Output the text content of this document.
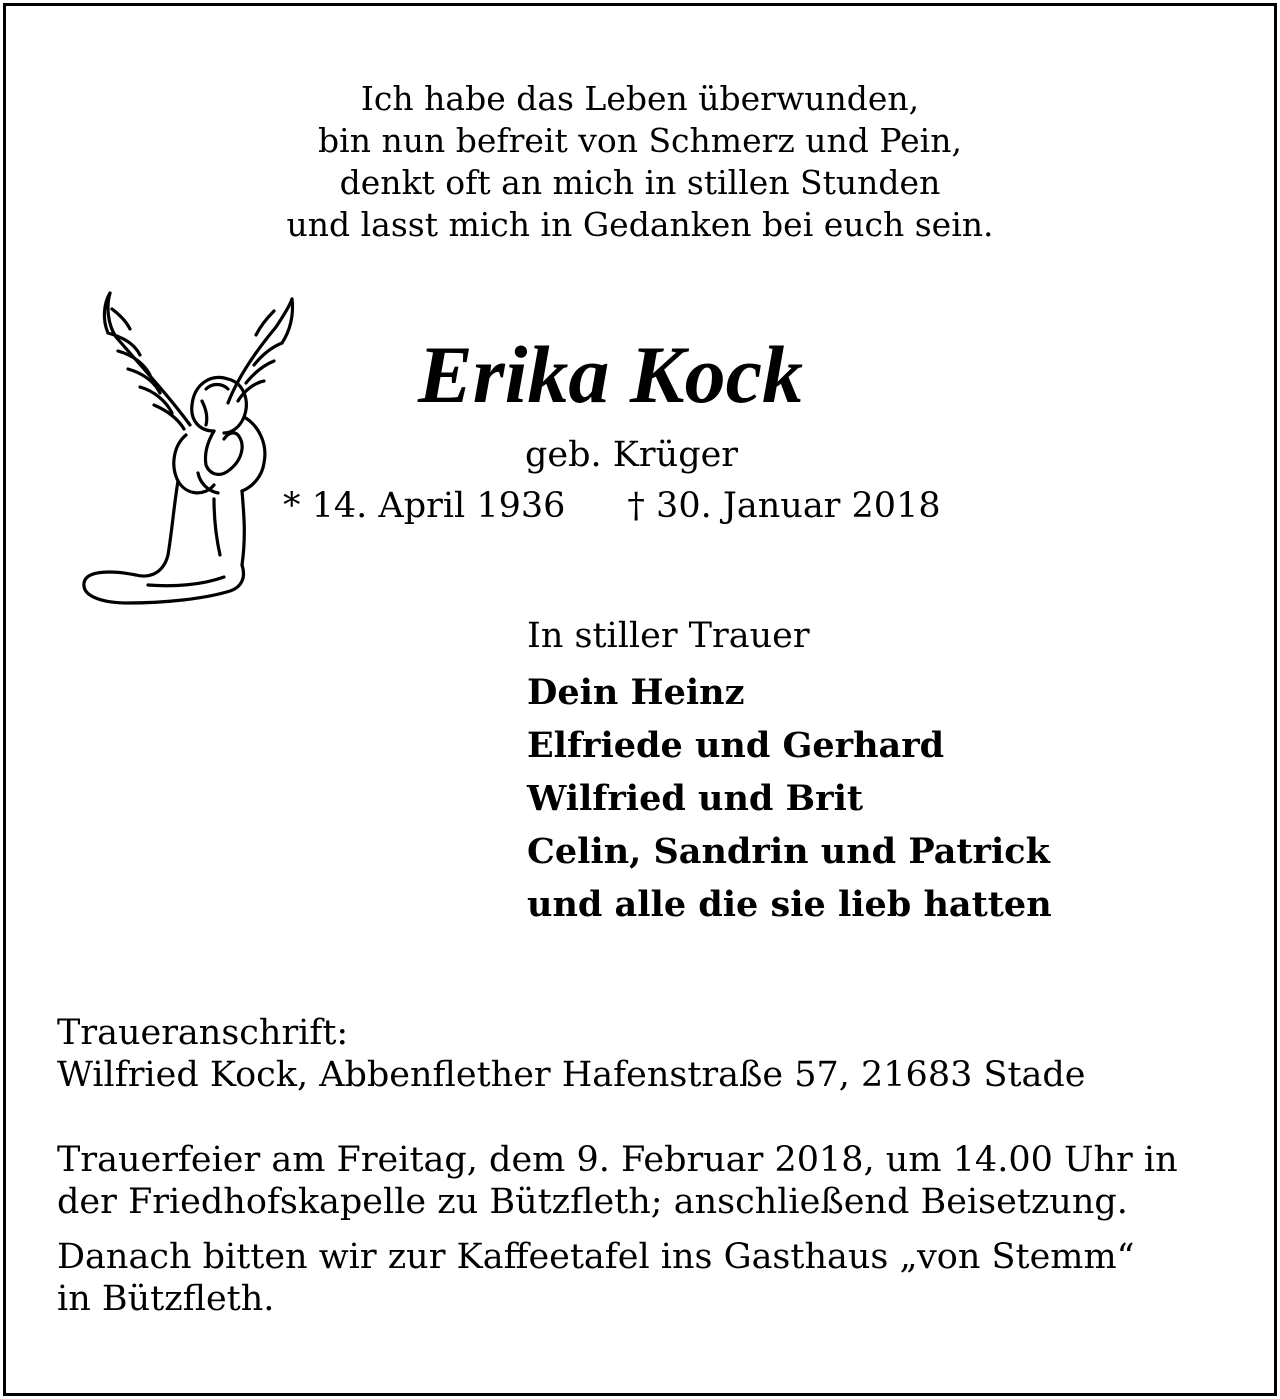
Ich habe das Leben überwunden,
bin nun befreit von Schmerz und Pein,
denkt oft an mich in stillen Stunden
und lasst mich in Gedanken bei euch sein.
Erika Kock
geb. Krüger
* 14. April 1936 † 30. Januar 2018
In stiller Trauer
Dein Heinz
Elfriede und Gerhard
Wilfried und Brit
Celin, Sandrin und Patrick
und alle die sie lieb hatten
Traueranschrift:
Wilfried Kock, Abbenflether Hafenstraße 57, 21683 Stade
Trauerfeier am Freitag, dem 9. Februar 2018, um 14.00 Uhr in
der Friedhofskapelle zu Bützfleth; anschließend Beisetzung.
Danach bitten wir zur Kaffeetafel ins Gasthaus „von Stemm“
in Bützfleth.
